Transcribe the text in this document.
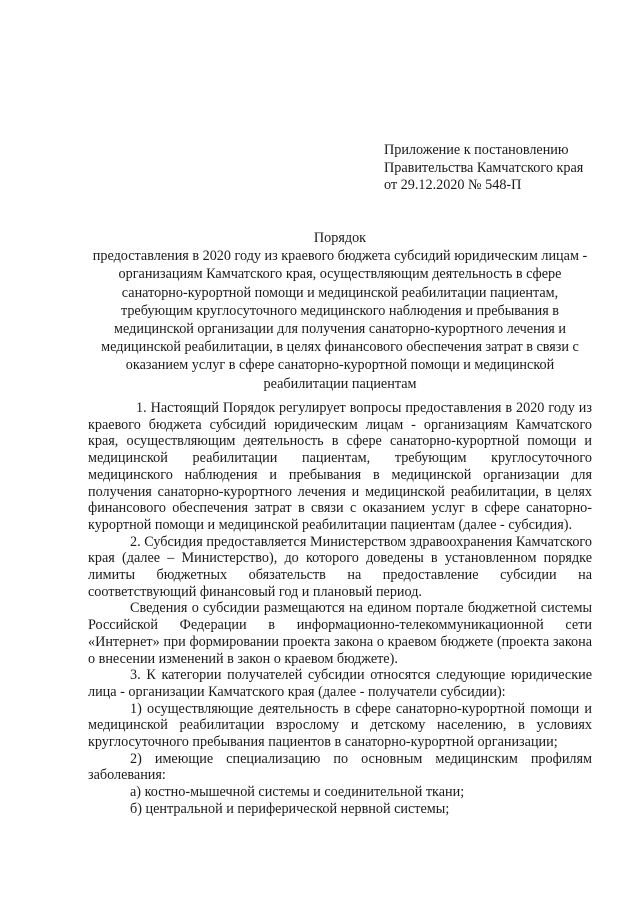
Приложение к постановлению
Правительства Камчатского края
от 29.12.2020 № 548-П
Порядок
предоставления в 2020 году из краевого бюджета субсидий юридическим лицам - организациям Камчатского края, осуществляющим деятельность в сфере санаторно-курортной помощи и медицинской реабилитации пациентам, требующим круглосуточного медицинского наблюдения и пребывания в медицинской организации для получения санаторно-курортного лечения и медицинской реабилитации, в целях финансового обеспечения затрат в связи с оказанием услуг в сфере санаторно-курортной помощи и медицинской реабилитации пациентам

1. Настоящий Порядок регулирует вопросы предоставления в 2020 году из краевого бюджета субсидий юридическим лицам - организациям Камчатского края, осуществляющим деятельность в сфере санаторно-курортной помощи и медицинской реабилитации пациентам, требующим круглосуточного медицинского наблюдения и пребывания в медицинской организации для получения санаторно-курортного лечения и медицинской реабилитации, в целях финансового обеспечения затрат в связи с оказанием услуг в сфере санаторно-курортной помощи и медицинской реабилитации пациентам (далее - субсидия).

2. Субсидия предоставляется Министерством здравоохранения Камчатского края (далее – Министерство), до которого доведены в установленном порядке лимиты бюджетных обязательств на предоставление субсидии на соответствующий финансовый год и плановый период.

Сведения о субсидии размещаются на едином портале бюджетной системы Российской Федерации в информационно-телекоммуникационной сети «Интернет» при формировании проекта закона о краевом бюджете (проекта закона о внесении изменений в закон о краевом бюджете).

3. К категории получателей субсидии относятся следующие юридические лица - организации Камчатского края (далее - получатели субсидии):

1) осуществляющие деятельность в сфере санаторно-курортной помощи и медицинской реабилитации взрослому и детскому населению, в условиях круглосуточного пребывания пациентов в санаторно-курортной организации;

2) имеющие специализацию по основным медицинским профилям заболевания:

а) костно-мышечной системы и соединительной ткани;

б) центральной и периферической нервной системы;
